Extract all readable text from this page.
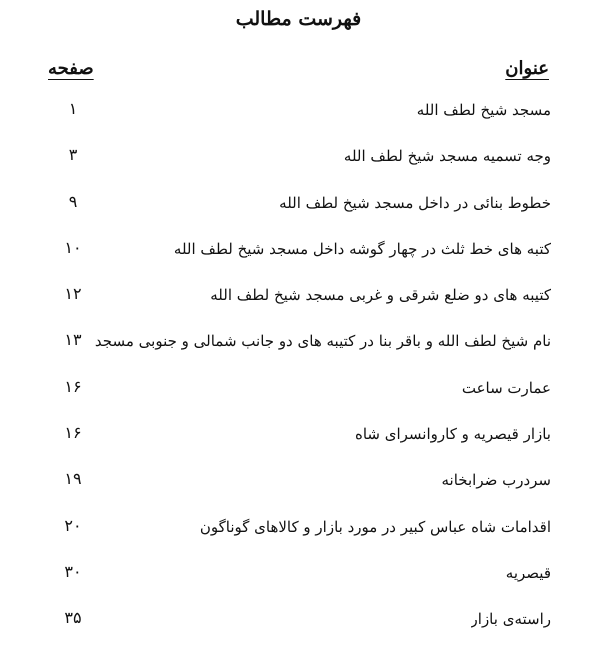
فهرست مطالب
عنوان
صفحه
مسجد شیخ لطف الله
۱
وجه تسمیه مسجد شیخ لطف الله
۳
خطوط بنائی در داخل مسجد شیخ لطف الله
۹
کتبه های خط ثلث در چهار گوشه داخل مسجد شیخ لطف الله
۱۰
کتیبه های دو ضلع شرقی و غربی مسجد شیخ لطف الله
۱۲
نام شیخ لطف الله و باقر بنا در کتیبه های دو جانب شمالی و جنوبی مسجد
۱۳
عمارت ساعت
۱۶
بازار قیصریه و کاروانسرای شاه
۱۶
سردرب ضرابخانه
۱۹
اقدامات شاه عباس کبیر در مورد بازار و کالاهای گوناگون
۲۰
قیصریه
۳۰
راسته‌ی بازار
۳۵
